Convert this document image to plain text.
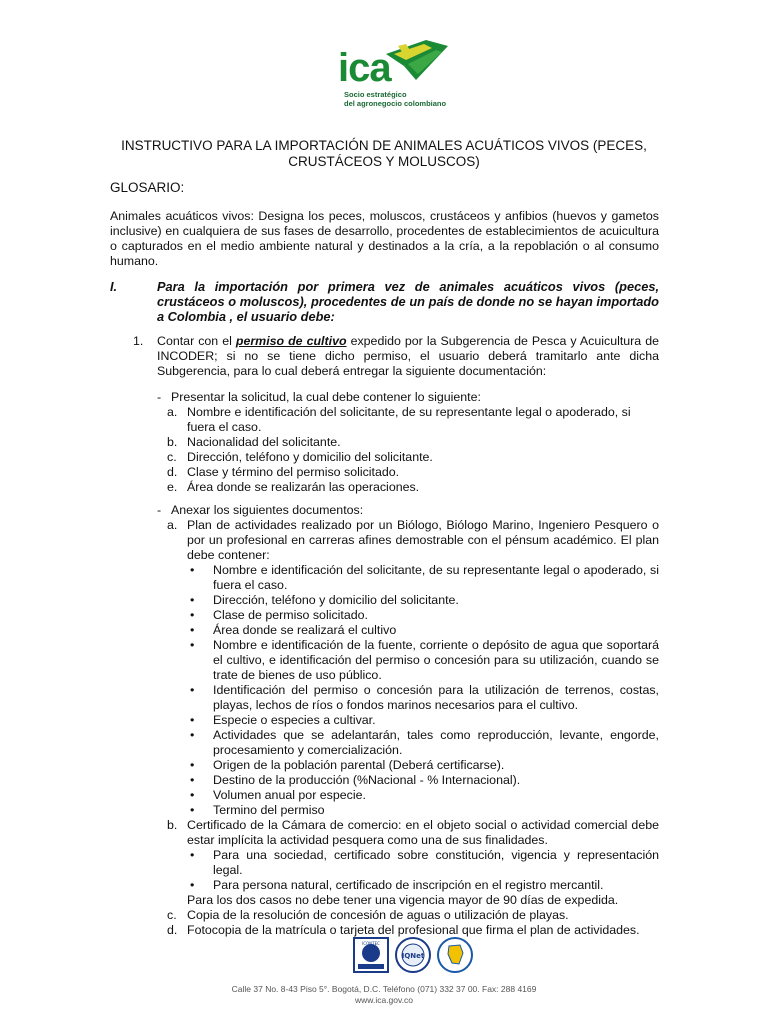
ica
Socio estratégico
del agronegocio colombiano
INSTRUCTIVO PARA LA IMPORTACIÓN DE ANIMALES ACUÁTICOS VIVOS (PECES,
CRUSTÁCEOS Y MOLUSCOS)
GLOSARIO:
Animales acuáticos vivos: Designa los peces, moluscos, crustáceos y anfibios (huevos y gametos inclusive) en cualquiera de sus fases de desarrollo, procedentes de establecimientos de acuicultura o capturados en el medio ambiente natural y destinados a la cría, a la repoblación o al consumo humano.
I.	Para la importación por primera vez de animales acuáticos vivos (peces, crustáceos o moluscos), procedentes de un país de donde no se hayan importado a Colombia , el usuario debe:
1. Contar con el permiso de cultivo expedido por la Subgerencia de Pesca y Acuicultura de INCODER; si no se tiene dicho permiso, el usuario deberá tramitarlo ante dicha Subgerencia, para lo cual deberá entregar la siguiente documentación:
- Presentar la solicitud, la cual debe contener lo siguiente:
a. Nombre e identificación del solicitante, de su representante legal o apoderado, si fuera el caso.
b. Nacionalidad del solicitante.
c. Dirección, teléfono y domicilio del solicitante.
d. Clase y término del permiso solicitado.
e. Área donde se realizarán las operaciones.
- Anexar los siguientes documentos:
a. Plan de actividades realizado por un Biólogo, Biólogo Marino, Ingeniero Pesquero o por un profesional en carreras afines demostrable con el pénsum académico. El plan debe contener:
• Nombre e identificación del solicitante, de su representante legal o apoderado, si fuera el caso.
• Dirección, teléfono y domicilio del solicitante.
• Clase de permiso solicitado.
• Área donde se realizará el cultivo
• Nombre e identificación de la fuente, corriente o depósito de agua que soportará el cultivo, e identificación del permiso o concesión para su utilización, cuando se trate de bienes de uso público.
• Identificación del permiso o concesión para la utilización de terrenos, costas, playas, lechos de ríos o fondos marinos necesarios para el cultivo.
• Especie o especies a cultivar.
• Actividades que se adelantarán, tales como reproducción, levante, engorde, procesamiento y comercialización.
• Origen de la población parental (Deberá certificarse).
• Destino de la producción (%Nacional - % Internacional).
• Volumen anual por especie.
• Termino del permiso
b. Certificado de la Cámara de comercio: en el objeto social o actividad comercial debe estar implícita la actividad pesquera como una de sus finalidades.
• Para una sociedad, certificado sobre constitución, vigencia y representación legal.
• Para persona natural, certificado de inscripción en el registro mercantil.
Para los dos casos no debe tener una vigencia mayor de 90 días de expedida.
c. Copia de la resolución de concesión de aguas o utilización de playas.
d. Fotocopia de la matrícula o tarjeta del profesional que firma el plan de actividades.
ICONTEC
IQNet
Calle 37 No. 8-43 Piso 5°. Bogotá, D.C. Teléfono (071) 332 37 00. Fax: 288 4169
www.ica.gov.co
